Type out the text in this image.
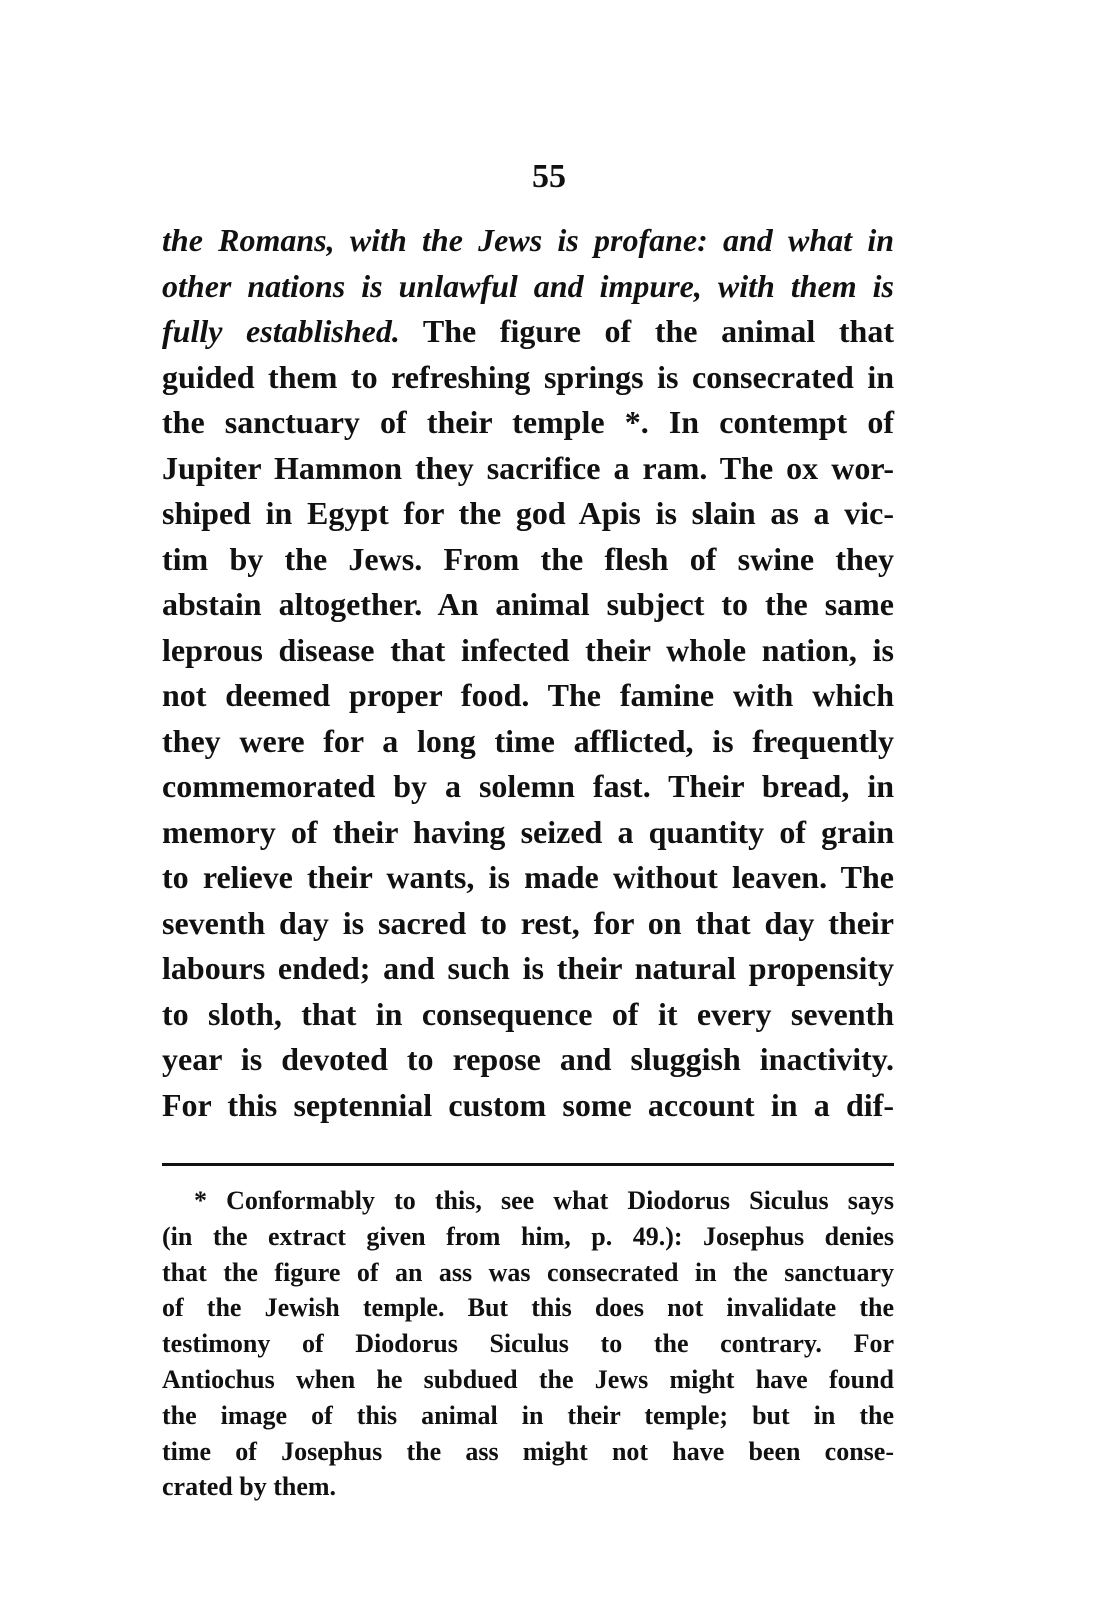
55
the Romans, with the Jews is profane: and what in
other nations is unlawful and impure, with them is
fully established. The figure of the animal that
guided them to refreshing springs is consecrated in
the sanctuary of their temple *. In contempt of
Jupiter Hammon they sacrifice a ram. The ox wor-
shiped in Egypt for the god Apis is slain as a vic-
tim by the Jews. From the flesh of swine they
abstain altogether. An animal subject to the same
leprous disease that infected their whole nation, is
not deemed proper food. The famine with which
they were for a long time afflicted, is frequently
commemorated by a solemn fast. Their bread, in
memory of their having seized a quantity of grain
to relieve their wants, is made without leaven. The
seventh day is sacred to rest, for on that day their
labours ended; and such is their natural propensity
to sloth, that in consequence of it every seventh
year is devoted to repose and sluggish inactivity.
For this septennial custom some account in a dif-
* Conformably to this, see what Diodorus Siculus says
(in the extract given from him, p. 49.): Josephus denies
that the figure of an ass was consecrated in the sanctuary
of the Jewish temple. But this does not invalidate the
testimony of Diodorus Siculus to the contrary. For
Antiochus when he subdued the Jews might have found
the image of this animal in their temple; but in the
time of Josephus the ass might not have been conse-
crated by them.
